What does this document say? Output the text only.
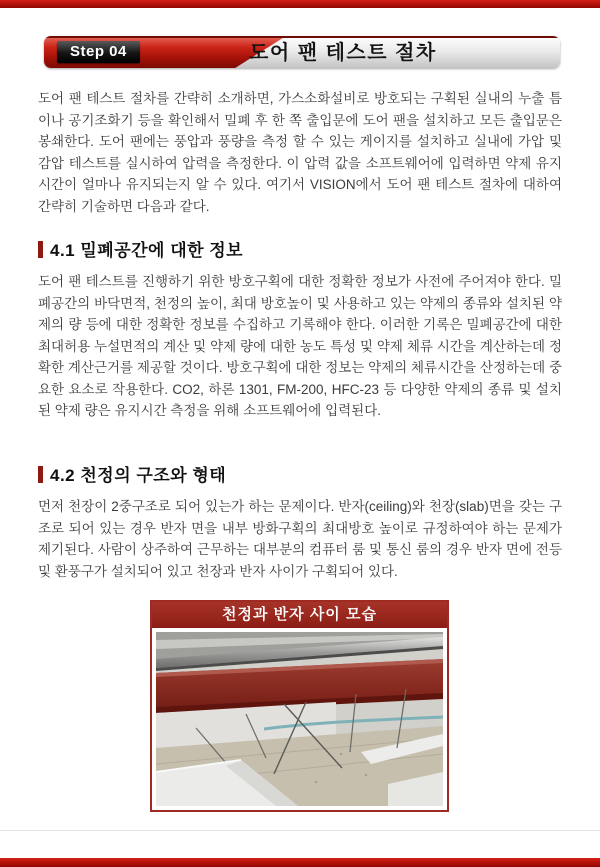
Step 04	도어 팬 테스트 절차

도어 팬 테스트 절차를 간략히 소개하면, 가스소화설비로 방호되는 구획된 실내의 누출 틈이나 공기조화기 등을 확인해서 밀폐 후 한 쪽 출입문에 도어 팬을 설치하고 모든 출입문은 봉쇄한다. 도어 팬에는 풍압과 풍량을 측정 할 수 있는 게이지를 설치하고 실내에 가압 및 감압 테스트를 실시하여 압력을 측정한다. 이 압력 값을 소프트웨어에 입력하면 약제 유지시간이 얼마나 유지되는지 알 수 있다. 여기서 VISION에서 도어 팬 테스트 절차에 대하여 간략히 기술하면 다음과 같다.

4.1 밀폐공간에 대한 정보

도어 팬 테스트를 진행하기 위한 방호구획에 대한 정확한 정보가 사전에 주어져야 한다. 밀폐공간의 바닥면적, 천정의 높이, 최대 방호높이 및 사용하고 있는 약제의 종류와 설치된 약제의 량 등에 대한 정확한 정보를 수집하고 기록해야 한다. 이러한 기록은 밀폐공간에 대한 최대허용 누설면적의 계산 및 약제 량에 대한 농도 특성 및 약제 체류 시간을 계산하는데 정확한 계산근거를 제공할 것이다. 방호구획에 대한 정보는 약제의 체류시간을 산정하는데 중요한 요소로 작용한다. CO2, 하론 1301, FM-200, HFC-23 등 다양한 약제의 종류 및 설치된 약제 량은 유지시간 측정을 위해 소프트웨어에 입력된다.

4.2 천정의 구조와 형태

먼저 천장이 2중구조로 되어 있는가 하는 문제이다. 반자(ceiling)와 천장(slab)면을 갖는 구조로 되어 있는 경우 반자 면을 내부 방화구획의 최대방호 높이로 규정하여야 하는 문제가 제기된다. 사람이 상주하여 근무하는 대부분의 컴퓨터 룸 및 통신 룸의 경우 반자 면에 전등 및 환풍구가 설치되어 있고 천장과 반자 사이가 구획되어 있다.

천정과 반자 사이 모습
